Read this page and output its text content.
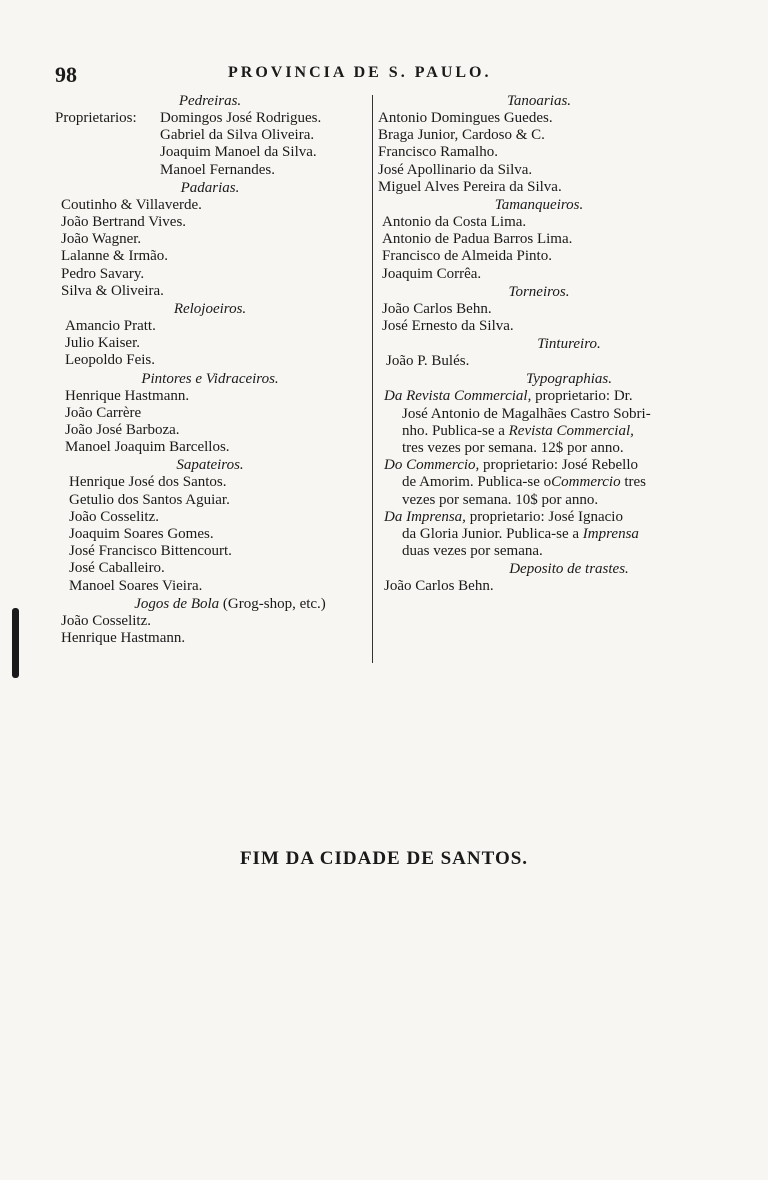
98	PROVINCIA DE S. PAULO.

Pedreiras.

Proprietarios:	Domingos José Rodrigues.

Gabriel da Silva Oliveira.

Joaquim Manoel da Silva.

Manoel Fernandes.

Padarias.

Coutinho & Villaverde.

João Bertrand Vives.

João Wagner.

Lalanne & Irmão.

Pedro Savary.

Silva & Oliveira.

Relojoeiros.

Amancio Pratt.

Julio Kaiser.

Leopoldo Feis.

Pintores e Vidraceiros.

Henrique Hastmann.

João Carrère

João José Barboza.

Manoel Joaquim Barcellos.

Sapateiros.

Henrique José dos Santos.

Getulio dos Santos Aguiar.

João Cosselitz.

Joaquim Soares Gomes.

José Francisco Bittencourt.

José Caballeiro.

Manoel Soares Vieira.

Jogos de Bola (Grog-shop, etc.)

João Cosselitz.

Henrique Hastmann.

Tanoarias.

Antonio Domingues Guedes.

Braga Junior, Cardoso & C.

Francisco Ramalho.

José Apollinario da Silva.

Miguel Alves Pereira da Silva.

Tamanqueiros.

Antonio da Costa Lima.

Antonio de Padua Barros Lima.

Francisco de Almeida Pinto.

Joaquim Corrêa.

Torneiros.

João Carlos Behn.

José Ernesto da Silva.

Tintureiro.

João P. Bulés.

Typographias.

Da Revista Commercial, proprietario: Dr.
José Antonio de Magalhães Castro Sobri-
nho. Publica-se a Revista Commercial,
tres vezes por semana. 12$ por anno.

Do Commercio, proprietario: José Rebello
de Amorim. Publica-se oCommercio tres
vezes por semana. 10$ por anno.

Da Imprensa, proprietario: José Ignacio
da Gloria Junior. Publica-se a Imprensa
duas vezes por semana.

Deposito de trastes.

João Carlos Behn.

FIM DA CIDADE DE SANTOS.
